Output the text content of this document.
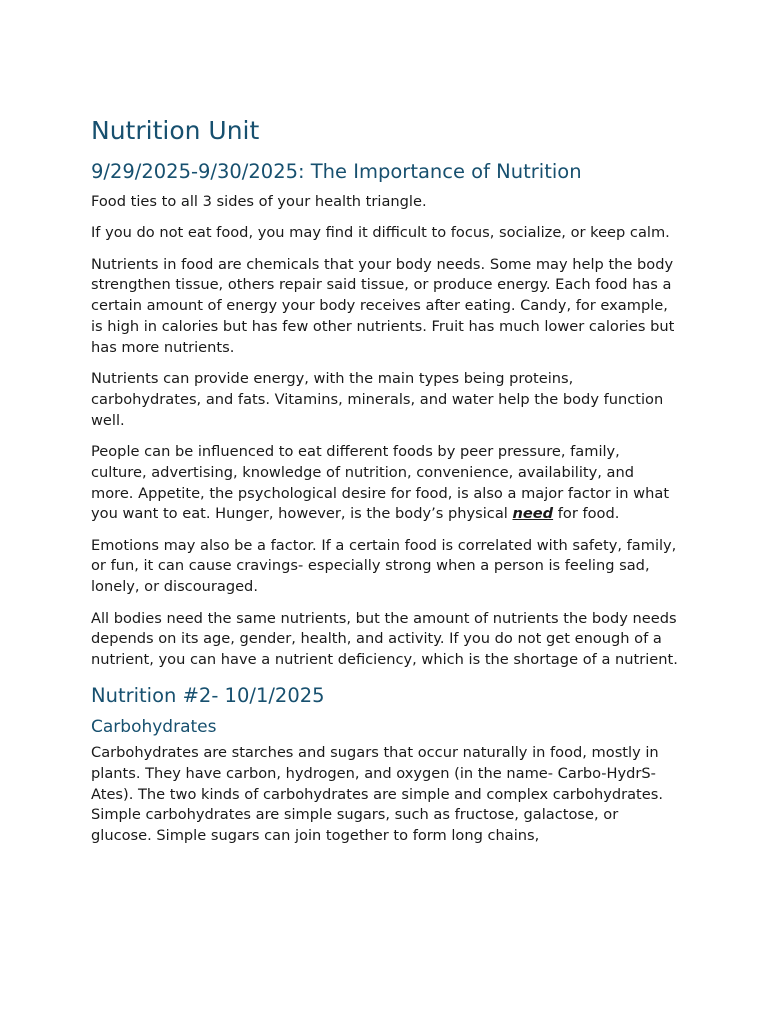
Nutrition Unit
9/29/2025-9/30/2025: The Importance of Nutrition

Food ties to all 3 sides of your health triangle.

If you do not eat food, you may find it difficult to focus, socialize, or keep calm.

Nutrients in food are chemicals that your body needs. Some may help the body strengthen tissue, others repair said tissue, or produce energy. Each food has a certain amount of energy your body receives after eating. Candy, for example, is high in calories but has few other nutrients. Fruit has much lower calories but has more nutrients.

Nutrients can provide energy, with the main types being proteins, carbohydrates, and fats. Vitamins, minerals, and water help the body function well.

People can be influenced to eat different foods by peer pressure, family, culture, advertising, knowledge of nutrition, convenience, availability, and more. Appetite, the psychological desire for food, is also a major factor in what you want to eat. Hunger, however, is the body’s physical need for food.

Emotions may also be a factor. If a certain food is correlated with safety, family, or fun, it can cause cravings- especially strong when a person is feeling sad, lonely, or discouraged.

All bodies need the same nutrients, but the amount of nutrients the body needs depends on its age, gender, health, and activity. If you do not get enough of a nutrient, you can have a nutrient deficiency, which is the shortage of a nutrient.

Nutrition #2- 10/1/2025
Carbohydrates

Carbohydrates are starches and sugars that occur naturally in food, mostly in plants. They have carbon, hydrogen, and oxygen (in the name- Carbo-HydrS-Ates). The two kinds of carbohydrates are simple and complex carbohydrates. Simple carbohydrates are simple sugars, such as fructose, galactose, or glucose. Simple sugars can join together to form long chains,
